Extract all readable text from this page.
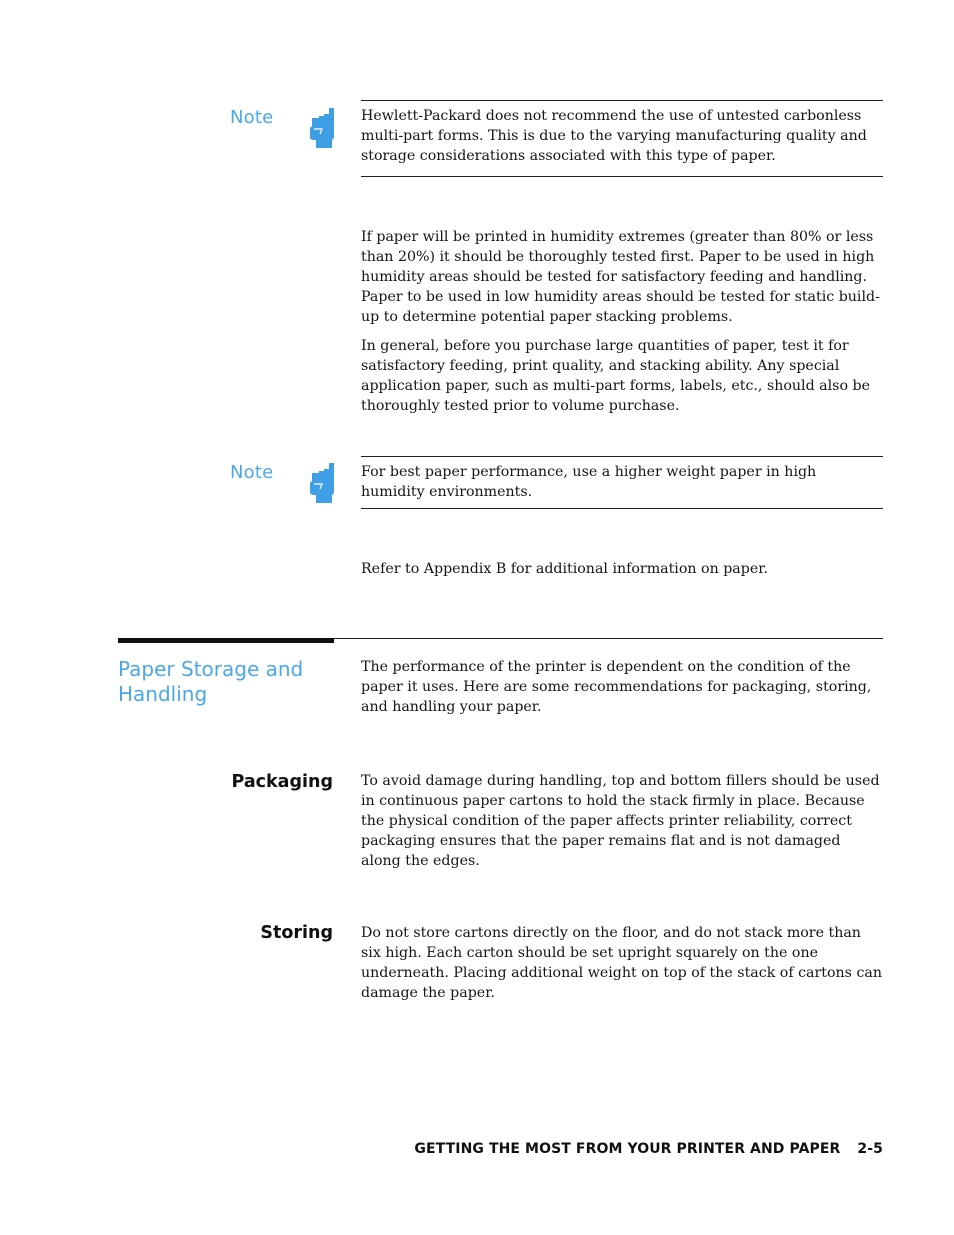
Note	Hewlett-Packard does not recommend the use of untested carbonless multi-part forms. This is due to the varying manufacturing quality and storage considerations associated with this type of paper.

If paper will be printed in humidity extremes (greater than 80% or less than 20%) it should be thoroughly tested first. Paper to be used in high humidity areas should be tested for satisfactory feeding and handling. Paper to be used in low humidity areas should be tested for static build-up to determine potential paper stacking problems.

In general, before you purchase large quantities of paper, test it for satisfactory feeding, print quality, and stacking ability. Any special application paper, such as multi-part forms, labels, etc., should also be thoroughly tested prior to volume purchase.

Note	For best paper performance, use a higher weight paper in high humidity environments.

Refer to Appendix B for additional information on paper.

Paper Storage and
Handling

The performance of the printer is dependent on the condition of the paper it uses. Here are some recommendations for packaging, storing, and handling your paper.

Packaging To avoid damage during handling, top and bottom fillers should be used in continuous paper cartons to hold the stack firmly in place. Because the physical condition of the paper affects printer reliability, correct packaging ensures that the paper remains flat and is not damaged along the edges.

Storing Do not store cartons directly on the floor, and do not stack more than six high. Each carton should be set upright squarely on the one underneath. Placing additional weight on top of the stack of cartons can damage the paper.

GETTING THE MOST FROM YOUR PRINTER AND PAPER 2-5
